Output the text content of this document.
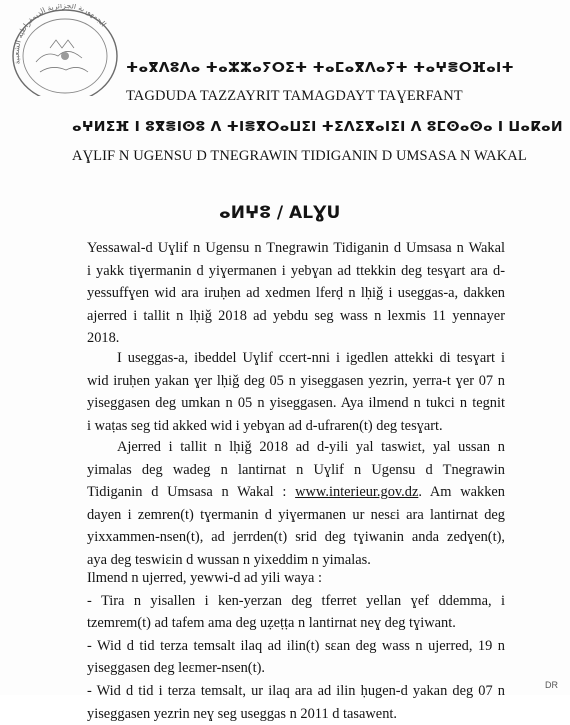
الجمهورية الجزائرية الديمقراطية الشعبية
ⵜⴰⴳⴷⵓⴷⴰ ⵜⴰⵣⵣⴰⵢⵔⵉⵜ ⵜⴰⵎⴰⴳⴷⴰⵢⵜ ⵜⴰⵖⴻⵔⴼⴰⵏⵜ
TAGDUDA TAZZAYRIT TAMAGDAYT TAƔERFANT
ⴰⵖⵍⵉⴼ ⵏ ⵓⴳⴻⵏⵙⵓ ⴷ ⵜⵏⴻⴳⵔⴰⵡⵉⵏ ⵜⵉⴷⵉⴳⴰⵏⵉⵏ ⴷ ⵓⵎⵙⴰⵙⴰ ⵏ ⵡⴰⴽⴰⵍ
AƔLIF N UGENSU D TNEGRAWIN TIDIGANIN D UMSASA N WAKAL
ⴰⵍⵖⵓ / ALƔU
Yessawal-d Uɣlif n Ugensu n Tnegrawin Tidiganin d Umsasa n Wakal
i yakk tiɣermanin d yiɣermanen i yebɣan ad ttekkin deg tesɣart ara d-
yessuffɣen wid ara iruḥen ad xedmen lferḍ n lḥiǧ i useggas-a, dakken
ajerred i tallit n lḥiǧ 2018 ad yebdu seg wass n lexmis 11 yennayer
2018.
I useggas-a, ibeddel Uɣlif ccert-nni i igedlen attekki di tesɣart i
wid iruḥen yakan ɣer lḥiǧ deg 05 n yiseggasen yezrin, yerra-t ɣer 07 n
yiseggasen deg umkan n 05 n yiseggasen. Aya ilmend n tukci n tegnit
i waṭas seg tid akked wid i yebɣan ad d-ufraren(t) deg tesɣart.
Ajerred i tallit n lḥiǧ 2018 ad d-yili yal taswiɛt, yal ussan n
yimalas deg wadeg n lantirnat n Uɣlif n Ugensu d Tnegrawin
Tidiganin d Umsasa n Wakal : www.interieur.gov.dz. Am wakken
dayen i zemren(t) tɣermanin d yiɣermanen ur nesɛi ara lantirnat deg
yixxammen-nsen(t), ad jerrden(t) srid deg tɣiwanin anda zedɣen(t),
aya deg teswiɛin d wussan n yixeddim n yimalas.
Ilmend n ujerred, yewwi-d ad yili waya :
- Tira n yisallen i ken-yerzan deg tferret yellan ɣef ddemma, i
tzemrem(t) ad tafem ama deg uẓeṭṭa n lantirnat neɣ deg tɣiwant.
- Wid d tid terza temsalt ilaq ad ilin(t) sɛan deg wass n ujerred, 19 n
yiseggasen deg leɛmer-nsen(t).
- Wid d tid i terza temsalt, ur ilaq ara ad ilin ḥugen-d yakan deg 07 n
yiseggasen yezrin neɣ seg useggas n 2011 d tasawent.
DR
